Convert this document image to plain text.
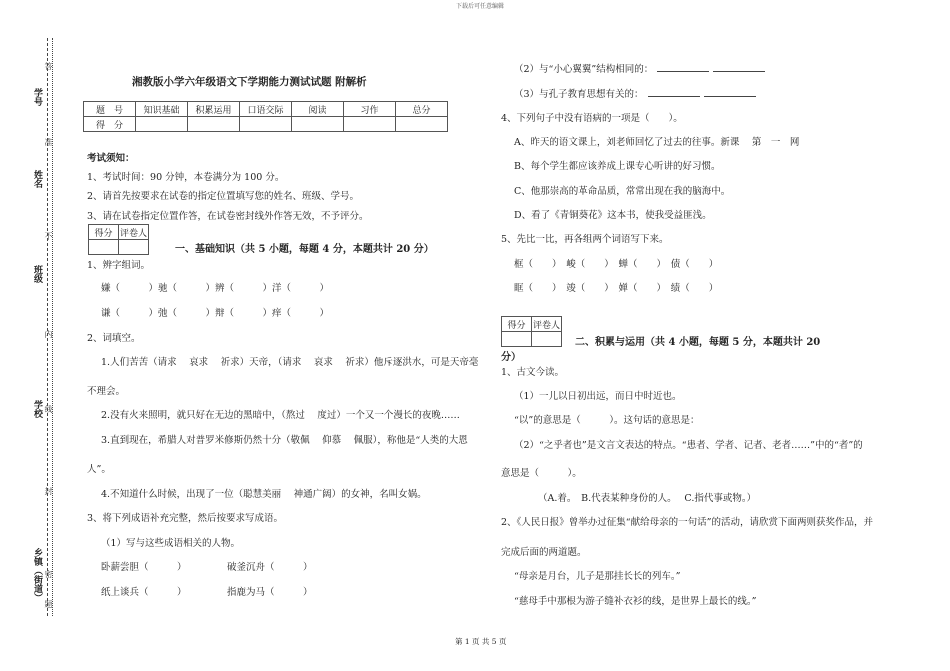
下载后可任意编辑
第 1 页 共 5 页
学号
姓名
班级
学校
乡镇（街道）
答
准
不
内
线
封
密
题
湘教版小学六年级语文下学期能力测试试题 附解析
题　号	知识基础	积累运用	口语交际	阅读	习作	总分
得　分						
考试须知：
1、考试时间：90 分钟，本卷满分为 100 分。
2、请首先按要求在试卷的指定位置填写您的姓名、班级、学号。
3、请在试卷指定位置作答，在试卷密封线外作答无效，不予评分。
得分	评卷人

一、基础知识（共 5 小题，每题 4 分，本题共计 20 分）
1、辨字组词。
嫌（　　　）驰（　　　）辨（　　　）洋（　　　）
谦（　　　）弛（　　　）辩（　　　）痒（　　　）
2、词填空。
1.人们苦苦（请求　 哀求　 祈求）天帝，（请求　 哀求　 祈求）他斥逐洪水，可是天帝毫
不理会。
2.没有火来照明，就只好在无边的黑暗中，（熬过　 度过）一个又一个漫长的夜晚……
3.直到现在，希腊人对普罗米修斯仍然十分（敬佩　 仰慕　 佩服），称他是“人类的大恩
人”。
4.不知道什么时候，出现了一位（聪慧美丽　 神通广阔）的女神，名叫女娲。
3、将下列成语补充完整，然后按要求写成语。
（1）写与这些成语相关的人物。
卧薪尝胆（　　　）	破釜沉舟（　　　）
纸上谈兵（　　　）	指鹿为马（　　　）
（2）与“小心翼翼”结构相同的：
（3）与孔子教育思想有关的：
4、下列句子中没有语病的一项是（　　）。
A、昨天的语文课上，刘老师回忆了过去的往事。新课　 第　一　网
B、每个学生都应该养成上课专心听讲的好习惯。
C、他那崇高的革命品质，常常出现在我的脑海中。
D、看了《青铜葵花》这本书，使我受益匪浅。
5、先比一比，再各组两个词语写下来。
框（　　）　峻（　　）　蝉（　　）　债（　　）
眶（　　）　竣（　　）　婵（　　）　绩（　　）
得分	评卷人

二、积累与运用（共 4 小题，每题 5 分，本题共计 20
分）
1、古文今读。
（1）一儿以日初出远，而日中时近也。
“以”的意思是（　　　）。这句话的意思是：
（2）“之乎者也”是文言文表达的特点。“患者、学者、记者、老者……”中的“者”的
意思是（　　　）。
（A.着。　B.代表某种身份的人。　 C.指代事或物。）
2、《人民日报》曾举办过征集“献给母亲的一句话”的活动，请欣赏下面两则获奖作品，并
完成后面的两道题。
“母亲是月台，儿子是那挂长长的列车。”
“慈母手中那根为游子缝补衣衫的线，是世界上最长的线。”
